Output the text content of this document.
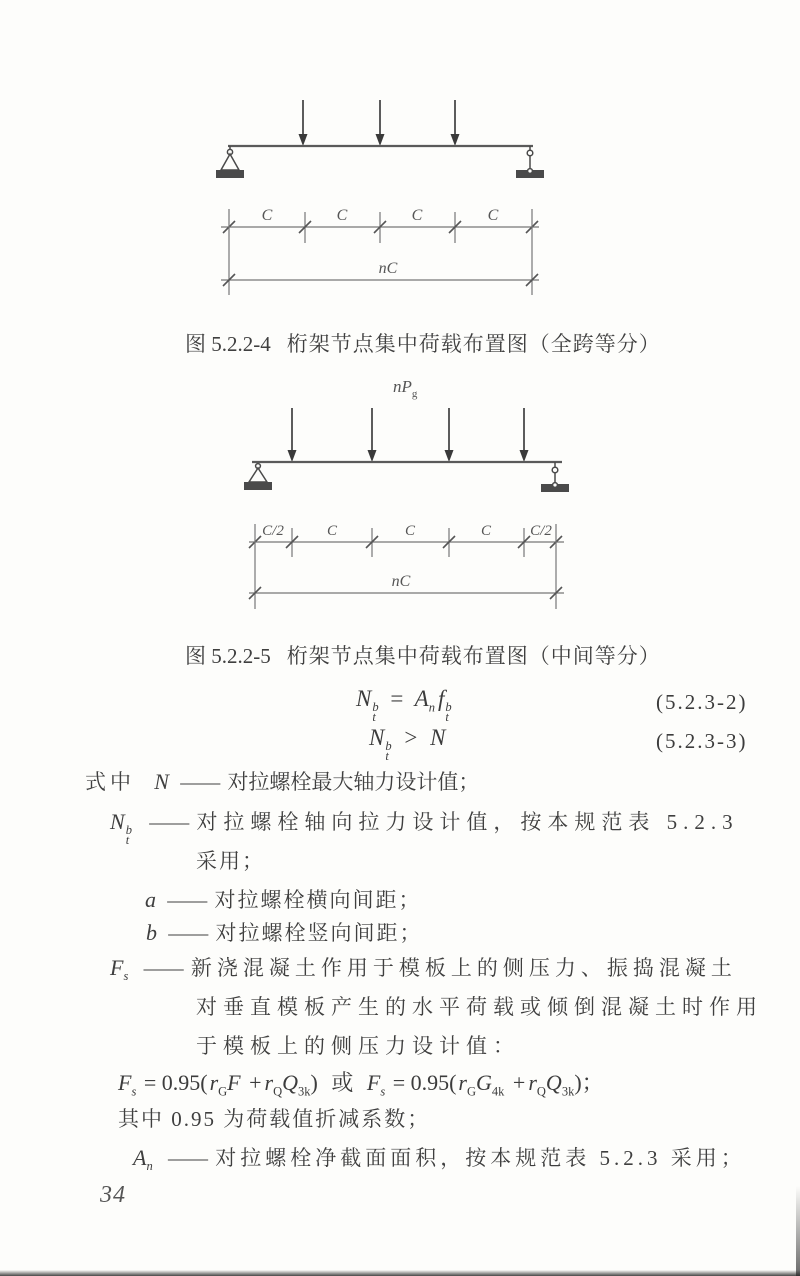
C	C	C	C
nC
图 5.2.2-4 桁架节点集中荷载布置图（全跨等分）
$nP_g$
C/2	C	C	C	C/2
nC
图 5.2.2-5 桁架节点集中荷载布置图（中间等分）
N b
t
= $A_n$ f b
t
(5.2.3-2)
N b
t
> N	(5.2.3-3)
式中 N —— 对拉螺栓最大轴力设计值；
N b
t
—— 对拉螺栓轴向拉力设计值，按本规范表 5.2.3
采用；
a —— 对拉螺栓横向间距；
b —— 对拉螺栓竖向间距；
$F_s$ —— 新浇混凝土作用于模板上的侧压力、振捣混凝土
对垂直模板产生的水平荷载或倾倒混凝土时作用
于模板上的侧压力设计值：
$F_s = 0.95(r_GF + r_QQ_{3k})$ 或 $F_s = 0.95(r_GG_{4k} + r_QQ_{3k})$；
其中 0.95 为荷载值折减系数；
$A_n$ —— 对拉螺栓净截面面积，按本规范表 5.2.3 采用；
34
